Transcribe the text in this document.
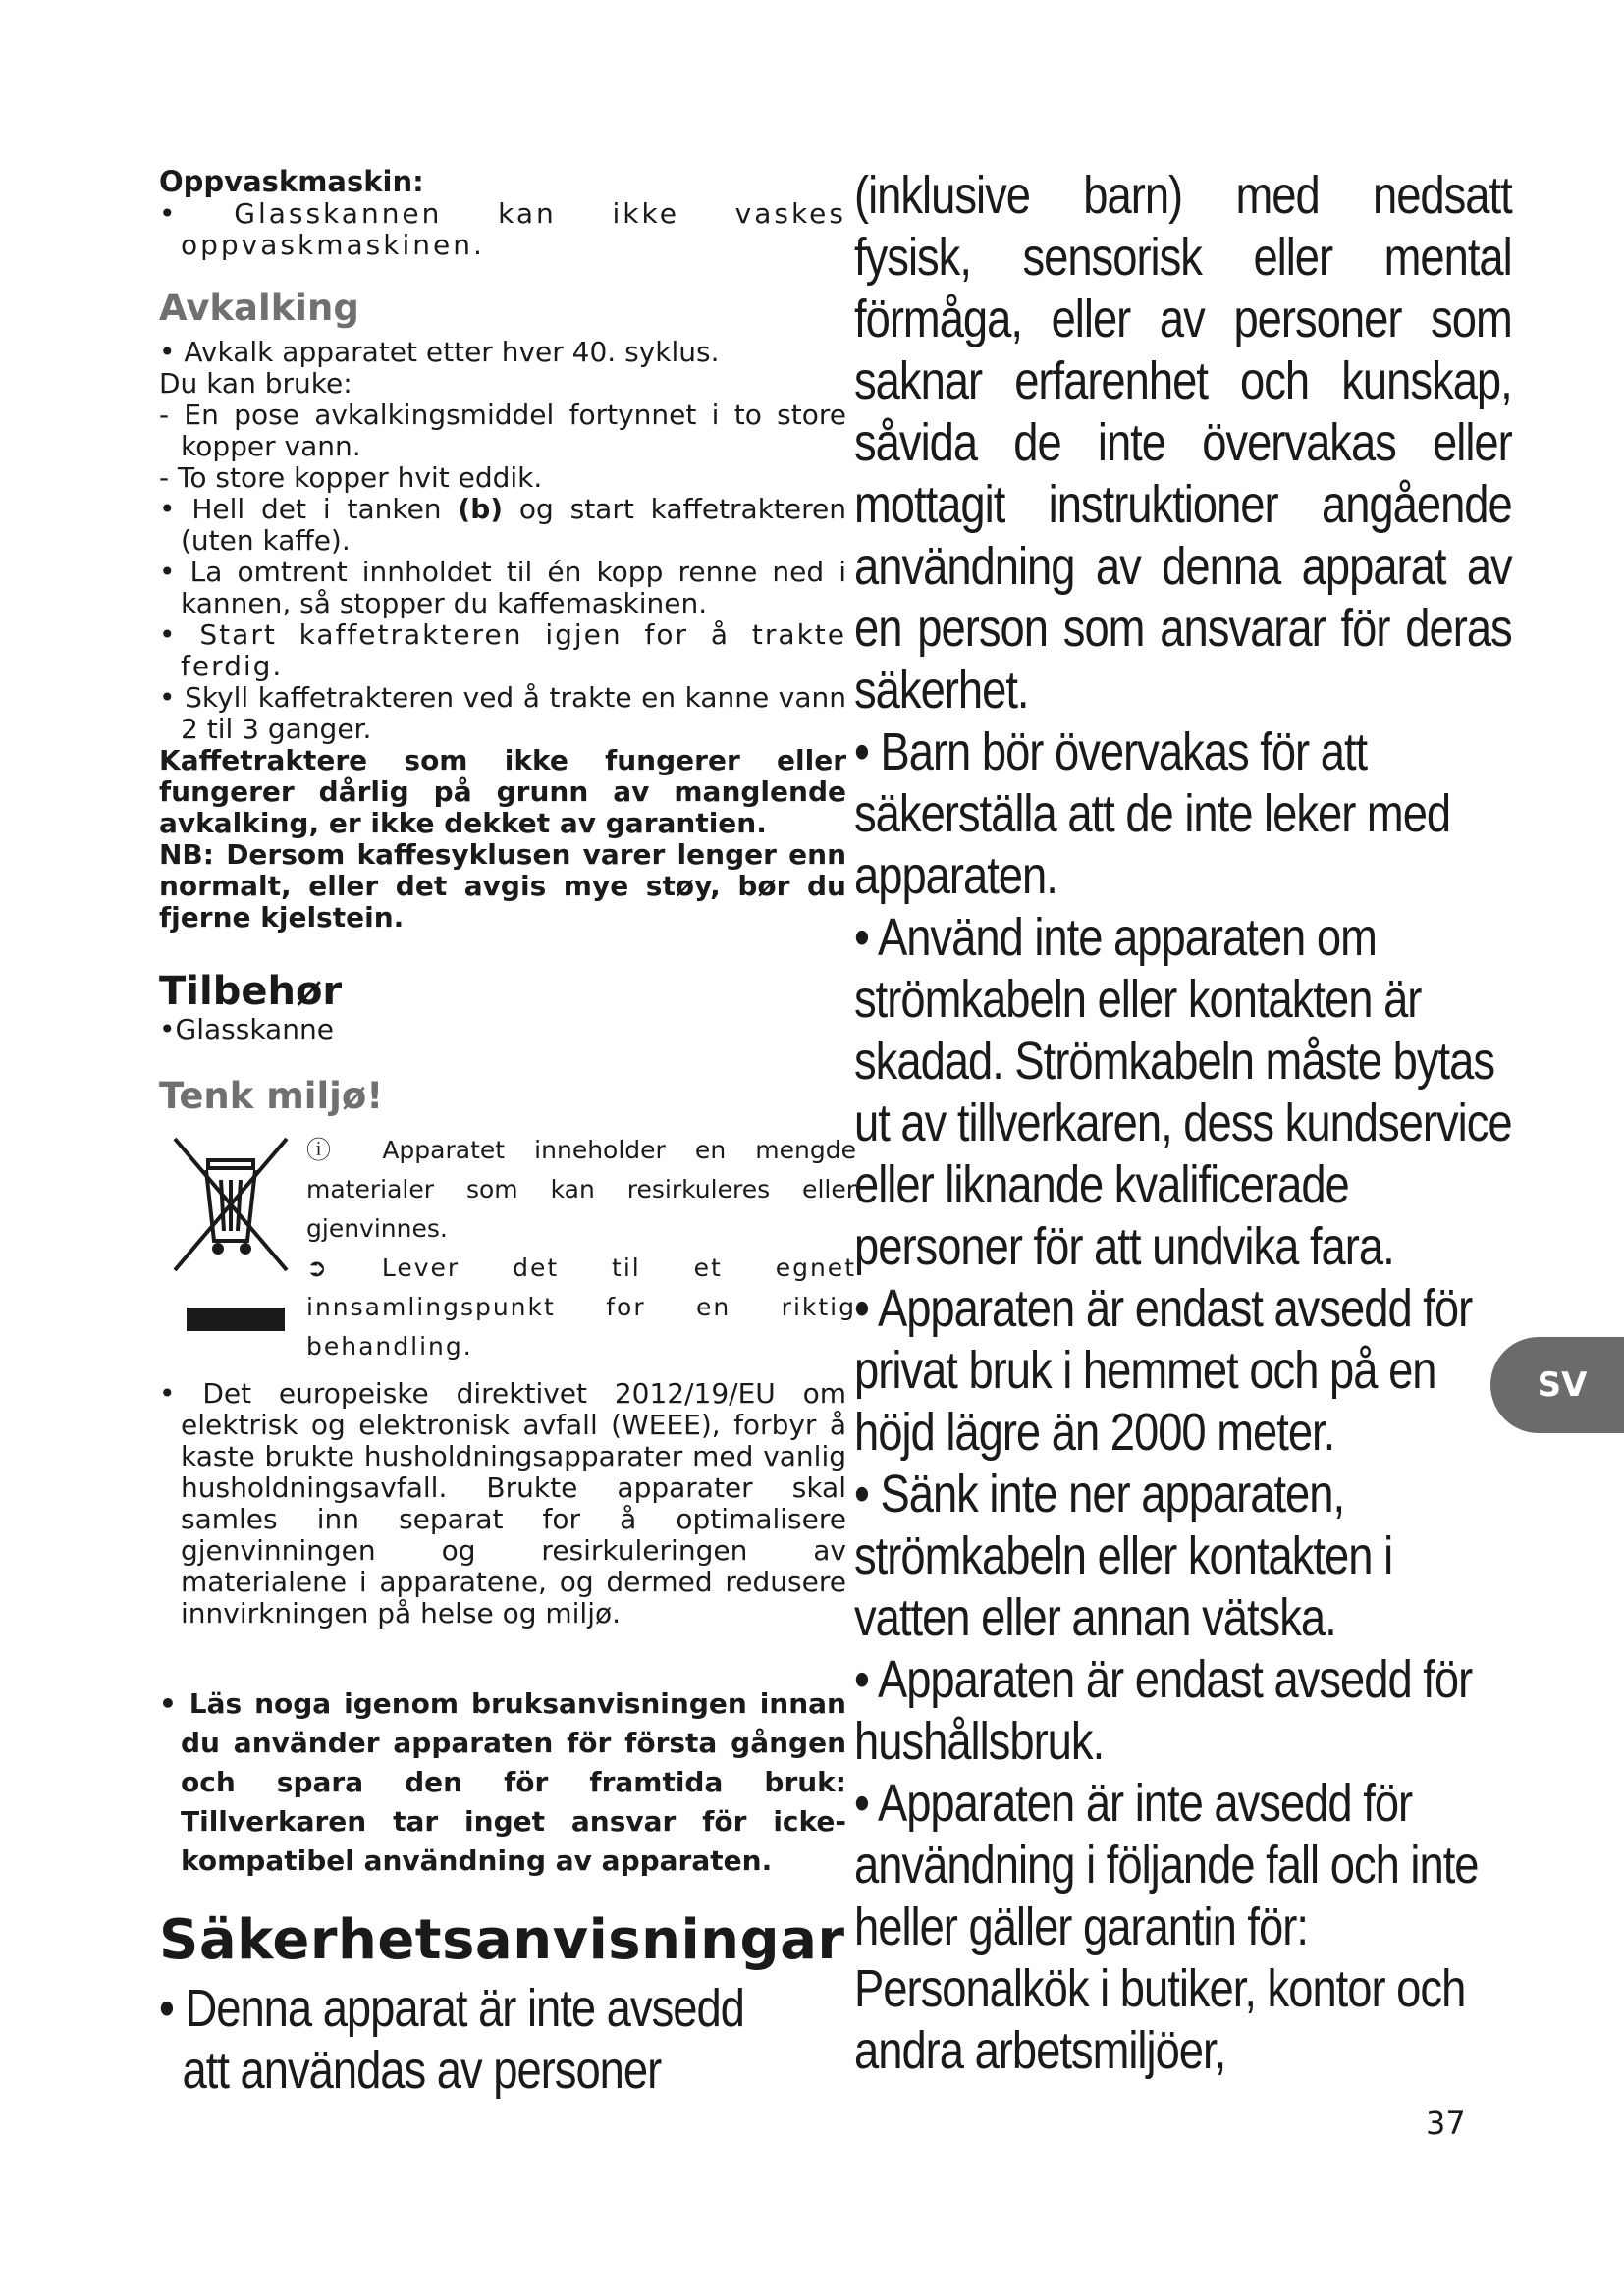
Oppvaskmaskin:

• Glasskannen kan ikke vaskes oppvaskmaskinen.

Avkalking

• Avkalk apparatet etter hver 40. syklus.

Du kan bruke:

- En pose avkalkingsmiddel fortynnet i to store kopper vann.

- To store kopper hvit eddik.

• Hell det i tanken (b) og start kaffetrakteren (uten kaffe).

• La omtrent innholdet til én kopp renne ned i kannen, så stopper du kaffemaskinen.

• Start kaffetrakteren igjen for å trakte ferdig.

• Skyll kaffetrakteren ved å trakte en kanne vann 2 til 3 ganger.

Kaffetraktere som ikke fungerer eller fungerer dårlig på grunn av manglende avkalking, er ikke dekket av garantien.

NB: Dersom kaffesyklusen varer lenger enn normalt, eller det avgis mye støy, bør du fjerne kjelstein.

Tilbehør

•Glasskanne

Tenk miljø!

ⓘ Apparatet inneholder en mengde materialer som kan resirkuleres eller gjenvinnes.

➲ Lever det til et egnet innsamlingspunkt for en riktig behandling.

• Det europeiske direktivet 2012/19/EU om elektrisk og elektronisk avfall (WEEE), forbyr å kaste brukte husholdningsapparater med vanlig husholdningsavfall. Brukte apparater skal samles inn separat for å optimalisere gjenvinningen og resirkuleringen av materialene i apparatene, og dermed redusere innvirkningen på helse og miljø.

• Läs noga igenom bruksanvisningen innan du använder apparaten för första gången och spara den för framtida bruk: Tillverkaren tar inget ansvar för icke-kompatibel användning av apparaten.

Säkerhetsanvisningar

• Denna apparat är inte avsedd

att användas av personer

(inklusive barn) med nedsatt fysisk, sensorisk eller mental förmåga, eller av personer som saknar erfarenhet och kunskap, såvida de inte övervakas eller mottagit instruktioner angående användning av denna apparat av en person som ansvarar för deras säkerhet.

• Barn bör övervakas för att säkerställa att de inte leker med apparaten.

• Använd inte apparaten om strömkabeln eller kontakten är skadad. Strömkabeln måste bytas ut av tillverkaren, dess kundservice eller liknande kvalificerade personer för att undvika fara.

• Apparaten är endast avsedd för privat bruk i hemmet och på en höjd lägre än 2000 meter.

• Sänk inte ner apparaten, strömkabeln eller kontakten i vatten eller annan vätska.

• Apparaten är endast avsedd för hushållsbruk.

• Apparaten är inte avsedd för användning i följande fall och inte heller gäller garantin för: Personalkök i butiker, kontor och andra arbetsmiljöer,

SV
37
